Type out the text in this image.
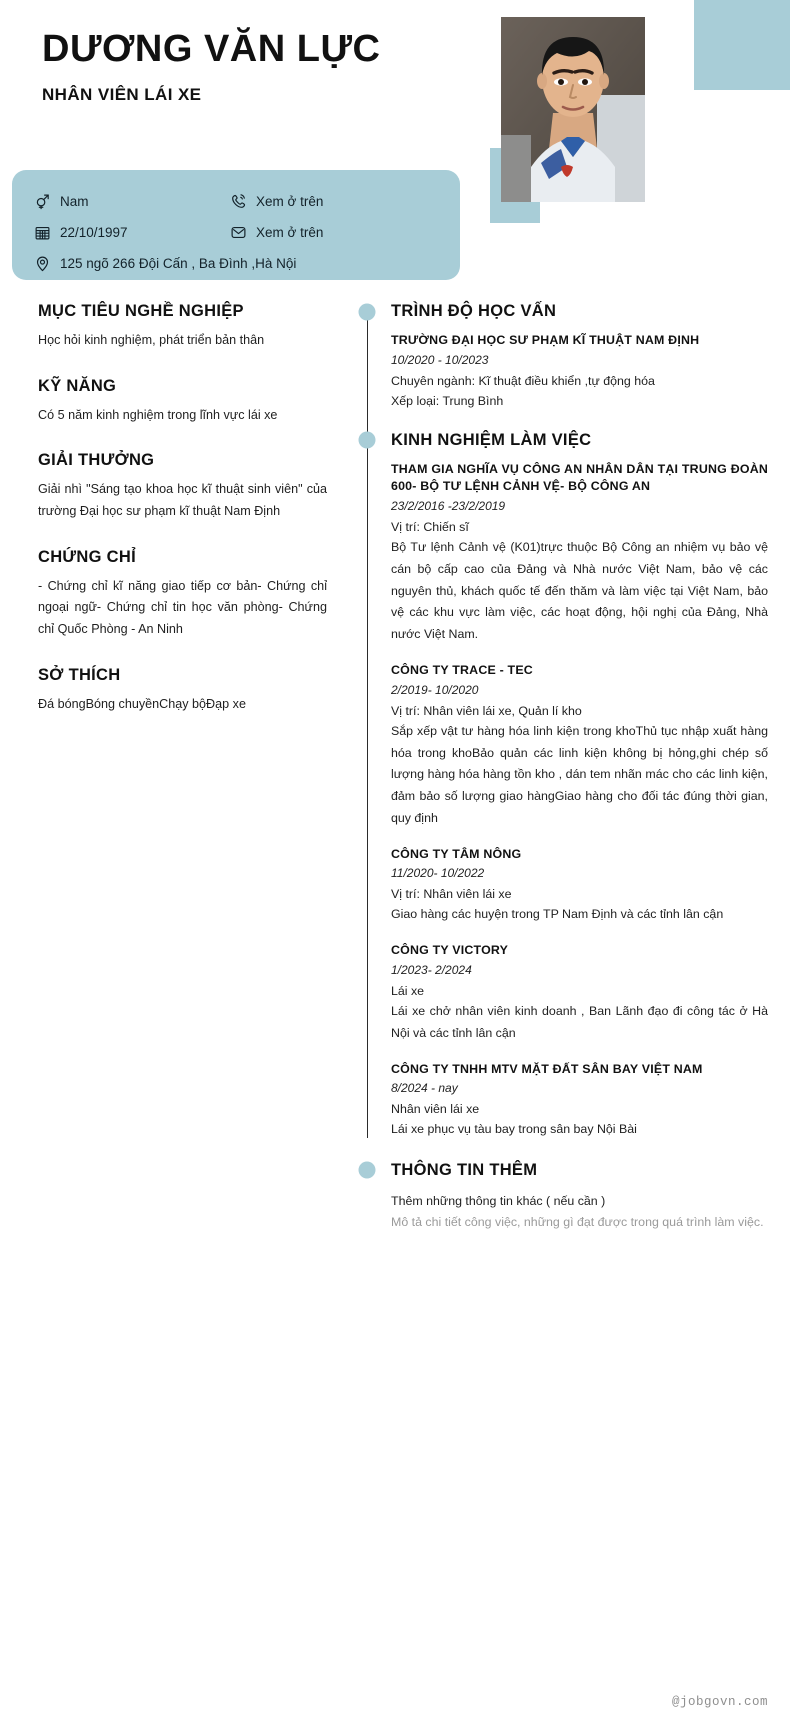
DƯƠNG VĂN LỰC
NHÂN VIÊN LÁI XE
Nam	Xem ở trên
22/10/1997	Xem ở trên
125 ngõ 266 Đội Cấn , Ba Đình ,Hà Nội
MỤC TIÊU NGHỀ NGHIỆP
Học hỏi kinh nghiệm, phát triển bản thân
KỸ NĂNG
Có 5 năm kinh nghiệm trong lĩnh vực lái xe
GIẢI THƯỞNG
Giải nhì "Sáng tạo khoa học kĩ thuật sinh viên" của trường Đại học sư phạm kĩ thuật Nam Định
CHỨNG CHỈ
- Chứng chỉ kĩ năng giao tiếp cơ bản- Chứng chỉ ngoại ngữ- Chứng chỉ tin học văn phòng- Chứng chỉ Quốc Phòng - An Ninh
SỞ THÍCH
Đá bóngBóng chuyềnChạy bộĐạp xe
TRÌNH ĐỘ HỌC VẤN
TRƯỜNG ĐẠI HỌC SƯ PHẠM KĨ THUẬT NAM ĐỊNH
10/2020 - 10/2023
Chuyên ngành: Kĩ thuật điều khiển ,tự động hóa
Xếp loại: Trung Bình
KINH NGHIỆM LÀM VIỆC
THAM GIA NGHĨA VỤ CÔNG AN NHÂN DÂN TẠI TRUNG ĐOÀN 600- BỘ TƯ LỆNH CẢNH VỆ- BỘ CÔNG AN
23/2/2016 -23/2/2019
Vị trí: Chiến sĩ
Bộ Tư lệnh Cảnh vệ (K01)trực thuộc Bộ Công an nhiệm vụ bảo vệ cán bộ cấp cao của Đảng và Nhà nước Việt Nam, bảo vệ các nguyên thủ, khách quốc tế đến thăm và làm việc tại Việt Nam, bảo vệ các khu vực làm việc, các hoạt động, hội nghị của Đảng, Nhà nước Việt Nam.
CÔNG TY TRACE - TEC
2/2019- 10/2020
Vị trí: Nhân viên lái xe, Quản lí kho
Sắp xếp vật tư hàng hóa linh kiện trong khoThủ tục nhập xuất hàng hóa trong khoBảo quản các linh kiện không bị hỏng,ghi chép số lượng hàng hóa hàng tồn kho , dán tem nhãn mác cho các linh kiện, đảm bảo số lượng giao hàngGiao hàng cho đối tác đúng thời gian, quy định
CÔNG TY TÂM NÔNG
11/2020- 10/2022
Vị trí: Nhân viên lái xe
Giao hàng các huyện trong TP Nam Định và các tỉnh lân cận
CÔNG TY VICTORY
1/2023- 2/2024
Lái xe
Lái xe chở nhân viên kinh doanh , Ban Lãnh đạo đi công tác ở Hà Nội và các tỉnh lân cận
CÔNG TY TNHH MTV MẶT ĐẤT SÂN BAY VIỆT NAM
8/2024 - nay
Nhân viên lái xe
Lái xe phục vụ tàu bay trong sân bay Nội Bài
THÔNG TIN THÊM
Thêm những thông tin khác ( nếu cần )
Mô tả chi tiết công việc, những gì đạt được trong quá trình làm việc.
@jobgovn.com
